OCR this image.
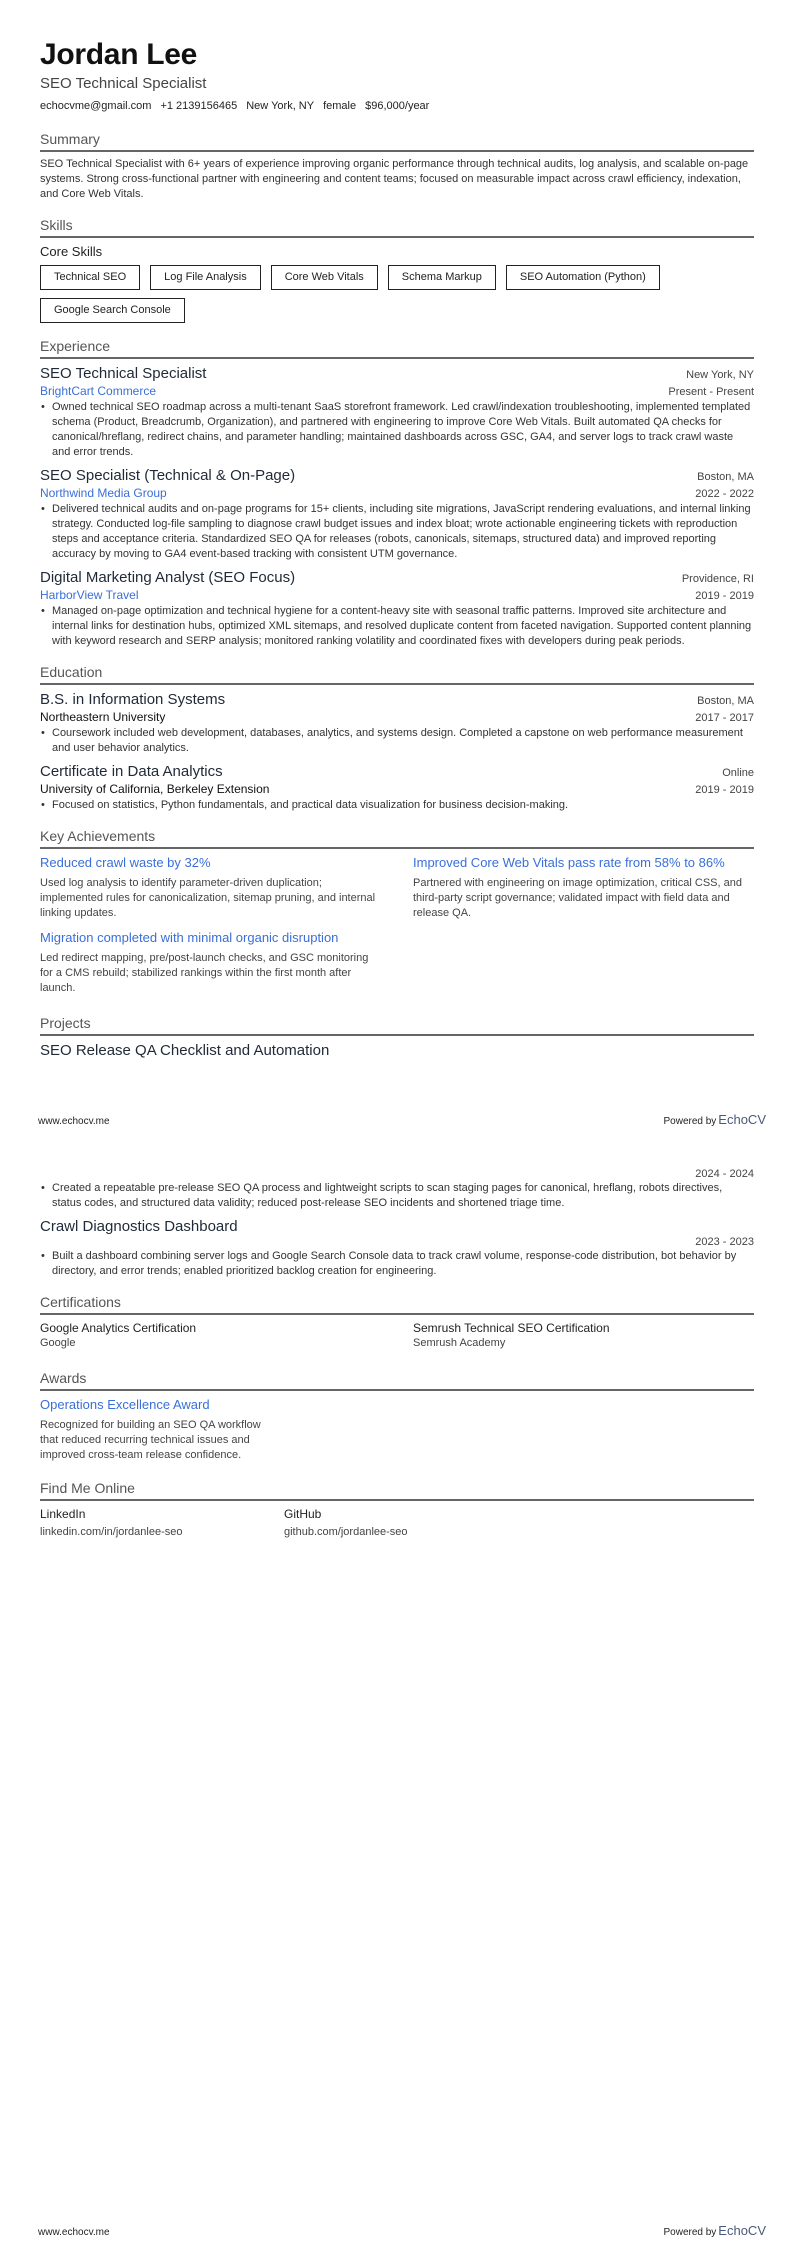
Jordan Lee
SEO Technical Specialist
echocvme@gmail.com +1 2139156465 New York, NY female $96,000/year
Summary
SEO Technical Specialist with 6+ years of experience improving organic performance through technical audits, log analysis, and scalable on-page systems. Strong cross-functional partner with engineering and content teams; focused on measurable impact across crawl efficiency, indexation, and Core Web Vitals.
Skills
Core Skills
Technical SEO	Log File Analysis	Core Web Vitals	Schema Markup	SEO Automation (Python)
Google Search Console
Experience
SEO Technical Specialist	New York, NY
BrightCart Commerce	Present - Present
• Owned technical SEO roadmap across a multi-tenant SaaS storefront framework. Led crawl/indexation troubleshooting, implemented templated schema (Product, Breadcrumb, Organization), and partnered with engineering to improve Core Web Vitals. Built automated QA checks for canonical/hreflang, redirect chains, and parameter handling; maintained dashboards across GSC, GA4, and server logs to track crawl waste and error trends.
SEO Specialist (Technical & On-Page)	Boston, MA
Northwind Media Group	2022 - 2022
• Delivered technical audits and on-page programs for 15+ clients, including site migrations, JavaScript rendering evaluations, and internal linking strategy. Conducted log-file sampling to diagnose crawl budget issues and index bloat; wrote actionable engineering tickets with reproduction steps and acceptance criteria. Standardized SEO QA for releases (robots, canonicals, sitemaps, structured data) and improved reporting accuracy by moving to GA4 event-based tracking with consistent UTM governance.
Digital Marketing Analyst (SEO Focus)	Providence, RI
HarborView Travel	2019 - 2019
• Managed on-page optimization and technical hygiene for a content-heavy site with seasonal traffic patterns. Improved site architecture and internal links for destination hubs, optimized XML sitemaps, and resolved duplicate content from faceted navigation. Supported content planning with keyword research and SERP analysis; monitored ranking volatility and coordinated fixes with developers during peak periods.
Education
B.S. in Information Systems	Boston, MA
Northeastern University	2017 - 2017
• Coursework included web development, databases, analytics, and systems design. Completed a capstone on web performance measurement and user behavior analytics.
Certificate in Data Analytics	Online
University of California, Berkeley Extension	2019 - 2019
• Focused on statistics, Python fundamentals, and practical data visualization for business decision-making.
Key Achievements
Reduced crawl waste by 32%
Used log analysis to identify parameter-driven duplication; implemented rules for canonicalization, sitemap pruning, and internal linking updates.
Improved Core Web Vitals pass rate from 58% to 86%
Partnered with engineering on image optimization, critical CSS, and third-party script governance; validated impact with field data and release QA.
Migration completed with minimal organic disruption
Led redirect mapping, pre/post-launch checks, and GSC monitoring for a CMS rebuild; stabilized rankings within the first month after launch.
Projects
SEO Release QA Checklist and Automation
www.echocv.me	Powered by EchoCV
2024 - 2024
• Created a repeatable pre-release SEO QA process and lightweight scripts to scan staging pages for canonical, hreflang, robots directives, status codes, and structured data validity; reduced post-release SEO incidents and shortened triage time.
Crawl Diagnostics Dashboard
2023 - 2023
• Built a dashboard combining server logs and Google Search Console data to track crawl volume, response-code distribution, bot behavior by directory, and error trends; enabled prioritized backlog creation for engineering.
Certifications
Google Analytics Certification
Google
Semrush Technical SEO Certification
Semrush Academy
Awards
Operations Excellence Award
Recognized for building an SEO QA workflow that reduced recurring technical issues and improved cross-team release confidence.
Find Me Online
LinkedIn
linkedin.com/in/jordanlee-seo
GitHub
github.com/jordanlee-seo
www.echocv.me	Powered by EchoCV
